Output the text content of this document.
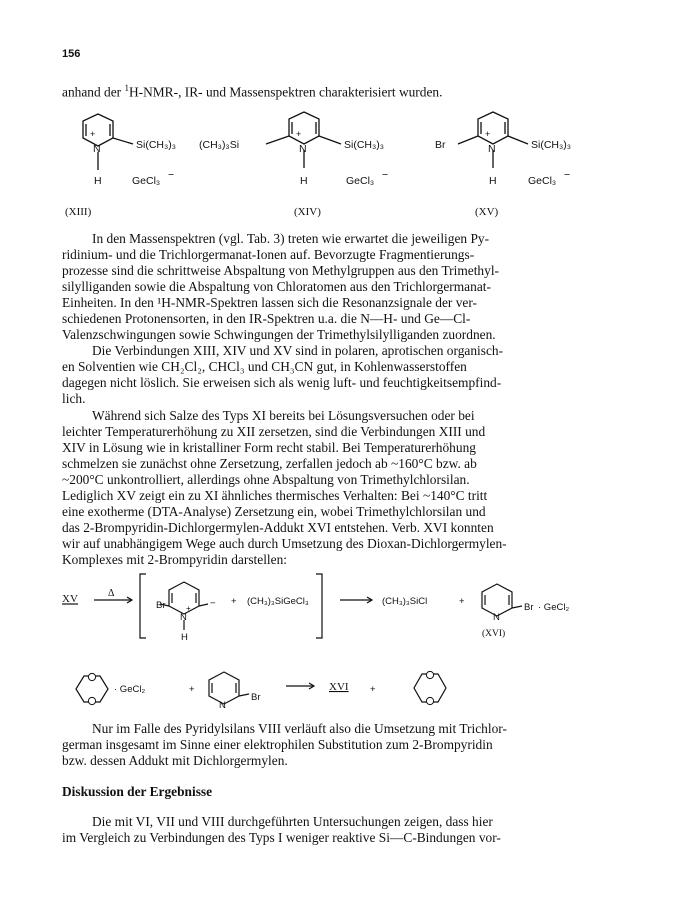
156
anhand der $^1$H-NMR-, IR- und Massenspektren charakterisiert wurden.
N
+
Si(CH₃)₃
H	GeCl₃ −
(CH₃)₃Si	N
+
Si(CH₃)₃
H	GeCl₃ −
Br	N
+
Si(CH₃)₃
H	GeCl₃ −
(XIII)	(XIV)	(XV)
In den Massenspektren (vgl. Tab. 3) treten wie erwartet die jeweiligen Py-
ridinium- und die Trichlorgermanat-Ionen auf. Bevorzugte Fragmentierungs-
prozesse sind die schrittweise Abspaltung von Methylgruppen aus den Trimethyl-
silylliganden sowie die Abspaltung von Chloratomen aus den Trichlorgermanat-
Einheiten. In den ¹H-NMR-Spektren lassen sich die Resonanzsignale der ver-
schiedenen Protonensorten, in den IR-Spektren u.a. die N—H- und Ge—Cl-
Valenzschwingungen sowie Schwingungen der Trimethylsilylliganden zuordnen.
Die Verbindungen XIII, XIV und XV sind in polaren, aprotischen organisch-
en Solventien wie CH₂Cl₂, CHCl₃ und CH₃CN gut, in Kohlenwasserstoffen
dagegen nicht löslich. Sie erweisen sich als wenig luft- und feuchtigkeitsempfind-
lich.
Während sich Salze des Typs XI bereits bei Lösungsversuchen oder bei
leichter Temperaturerhöhung zu XII zersetzen, sind die Verbindungen XIII und
XIV in Lösung wie in kristalliner Form recht stabil. Bei Temperaturerhöhung
schmelzen sie zunächst ohne Zersetzung, zerfallen jedoch ab ~160°C bzw. ab
~200°C unkontrolliert, allerdings ohne Abspaltung von Trimethylchlorsilan.
Lediglich XV zeigt ein zu XI ähnliches thermisches Verhalten: Bei ~140°C tritt
eine exotherme (DTA-Analyse) Zersetzung ein, wobei Trimethylchlorsilan und
das 2-Brompyridin-Dichlorgermylen-Addukt XVI entstehen. Verb. XVI konnten
wir auf unabhängigem Wege auch durch Umsetzung des Dioxan-Dichlorgermylen-
Komplexes mit 2-Brompyridin darstellen:
Br
N
+
H
− + (CH₃)₃SiGeCl₃	(CH₃)₃SiCl	+
N
Br · GeCl₂
· GeCl₂	+
N
Br
+
XV	Δ
(XVI)
XVI
Nur im Falle des Pyridylsilans VIII verläuft also die Umsetzung mit Trichlor-
german insgesamt im Sinne einer elektrophilen Substitution zum 2-Brompyridin
bzw. dessen Addukt mit Dichlorgermylen.
Diskussion der Ergebnisse
Die mit VI, VII und VIII durchgeführten Untersuchungen zeigen, dass hier
im Vergleich zu Verbindungen des Typs I weniger reaktive Si—C-Bindungen vor-
